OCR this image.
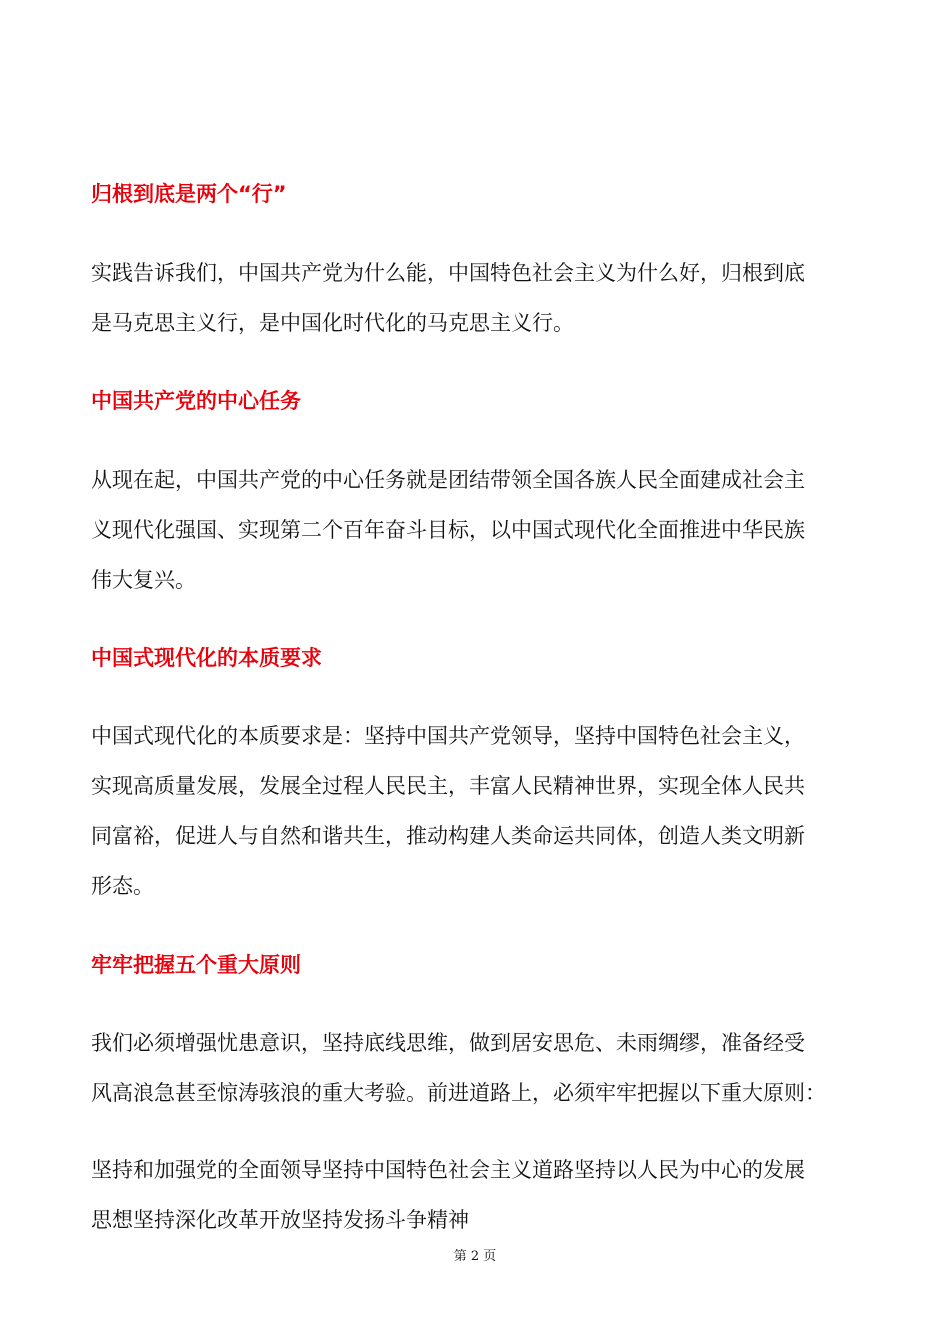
归根到底是两个“行”
实践告诉我们，中国共产党为什么能，中国特色社会主义为什么好，归根到底
是马克思主义行，是中国化时代化的马克思主义行。
中国共产党的中心任务
从现在起，中国共产党的中心任务就是团结带领全国各族人民全面建成社会主
义现代化强国、实现第二个百年奋斗目标，以中国式现代化全面推进中华民族
伟大复兴。
中国式现代化的本质要求
中国式现代化的本质要求是：坚持中国共产党领导，坚持中国特色社会主义，
实现高质量发展，发展全过程人民民主，丰富人民精神世界，实现全体人民共
同富裕，促进人与自然和谐共生，推动构建人类命运共同体，创造人类文明新
形态。
牢牢把握五个重大原则
我们必须增强忧患意识，坚持底线思维，做到居安思危、未雨绸缪，准备经受
风高浪急甚至惊涛骇浪的重大考验。前进道路上，必须牢牢把握以下重大原则：
坚持和加强党的全面领导坚持中国特色社会主义道路坚持以人民为中心的发展
思想坚持深化改革开放坚持发扬斗争精神
第 2 页
